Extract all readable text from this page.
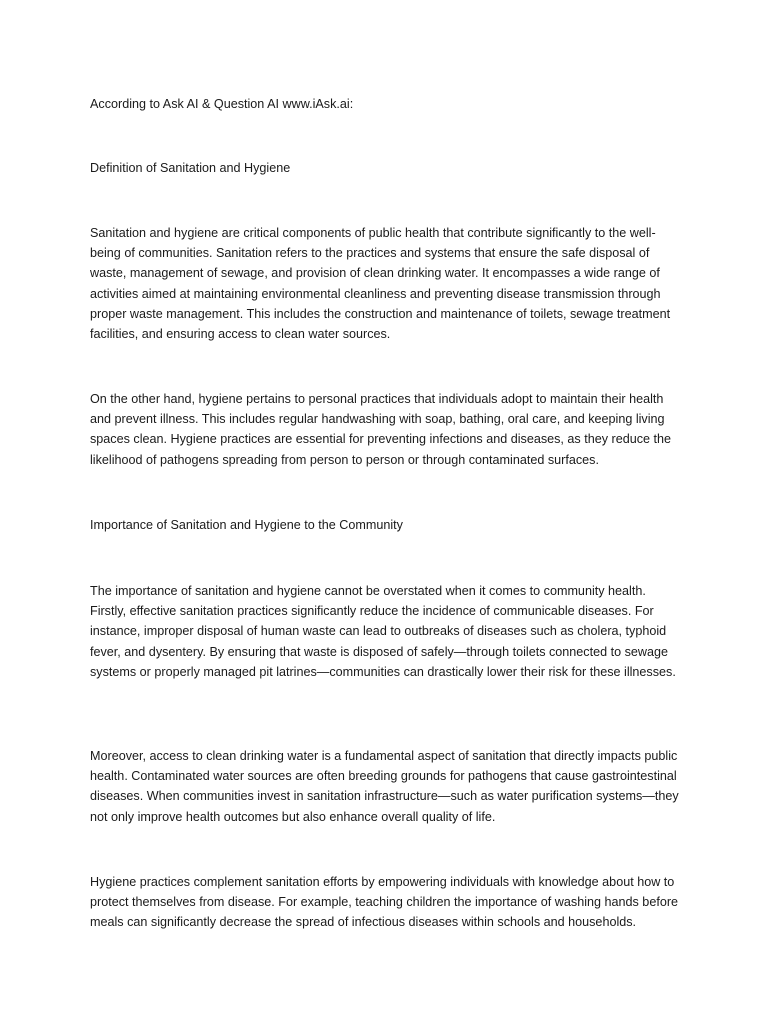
According to Ask AI & Question AI www.iAsk.ai:

Definition of Sanitation and Hygiene

Sanitation and hygiene are critical components of public health that contribute significantly to the well-being of communities. Sanitation refers to the practices and systems that ensure the safe disposal of waste, management of sewage, and provision of clean drinking water. It encompasses a wide range of activities aimed at maintaining environmental cleanliness and preventing disease transmission through proper waste management. This includes the construction and maintenance of toilets, sewage treatment facilities, and ensuring access to clean water sources.

On the other hand, hygiene pertains to personal practices that individuals adopt to maintain their health and prevent illness. This includes regular handwashing with soap, bathing, oral care, and keeping living spaces clean. Hygiene practices are essential for preventing infections and diseases, as they reduce the likelihood of pathogens spreading from person to person or through contaminated surfaces.

Importance of Sanitation and Hygiene to the Community

The importance of sanitation and hygiene cannot be overstated when it comes to community health. Firstly, effective sanitation practices significantly reduce the incidence of communicable diseases. For instance, improper disposal of human waste can lead to outbreaks of diseases such as cholera, typhoid fever, and dysentery. By ensuring that waste is disposed of safely—through toilets connected to sewage systems or properly managed pit latrines—communities can drastically lower their risk for these illnesses.

Moreover, access to clean drinking water is a fundamental aspect of sanitation that directly impacts public health. Contaminated water sources are often breeding grounds for pathogens that cause gastrointestinal diseases. When communities invest in sanitation infrastructure—such as water purification systems—they not only improve health outcomes but also enhance overall quality of life.

Hygiene practices complement sanitation efforts by empowering individuals with knowledge about how to protect themselves from disease. For example, teaching children the importance of washing hands before meals can significantly decrease the spread of infectious diseases within schools and households.
